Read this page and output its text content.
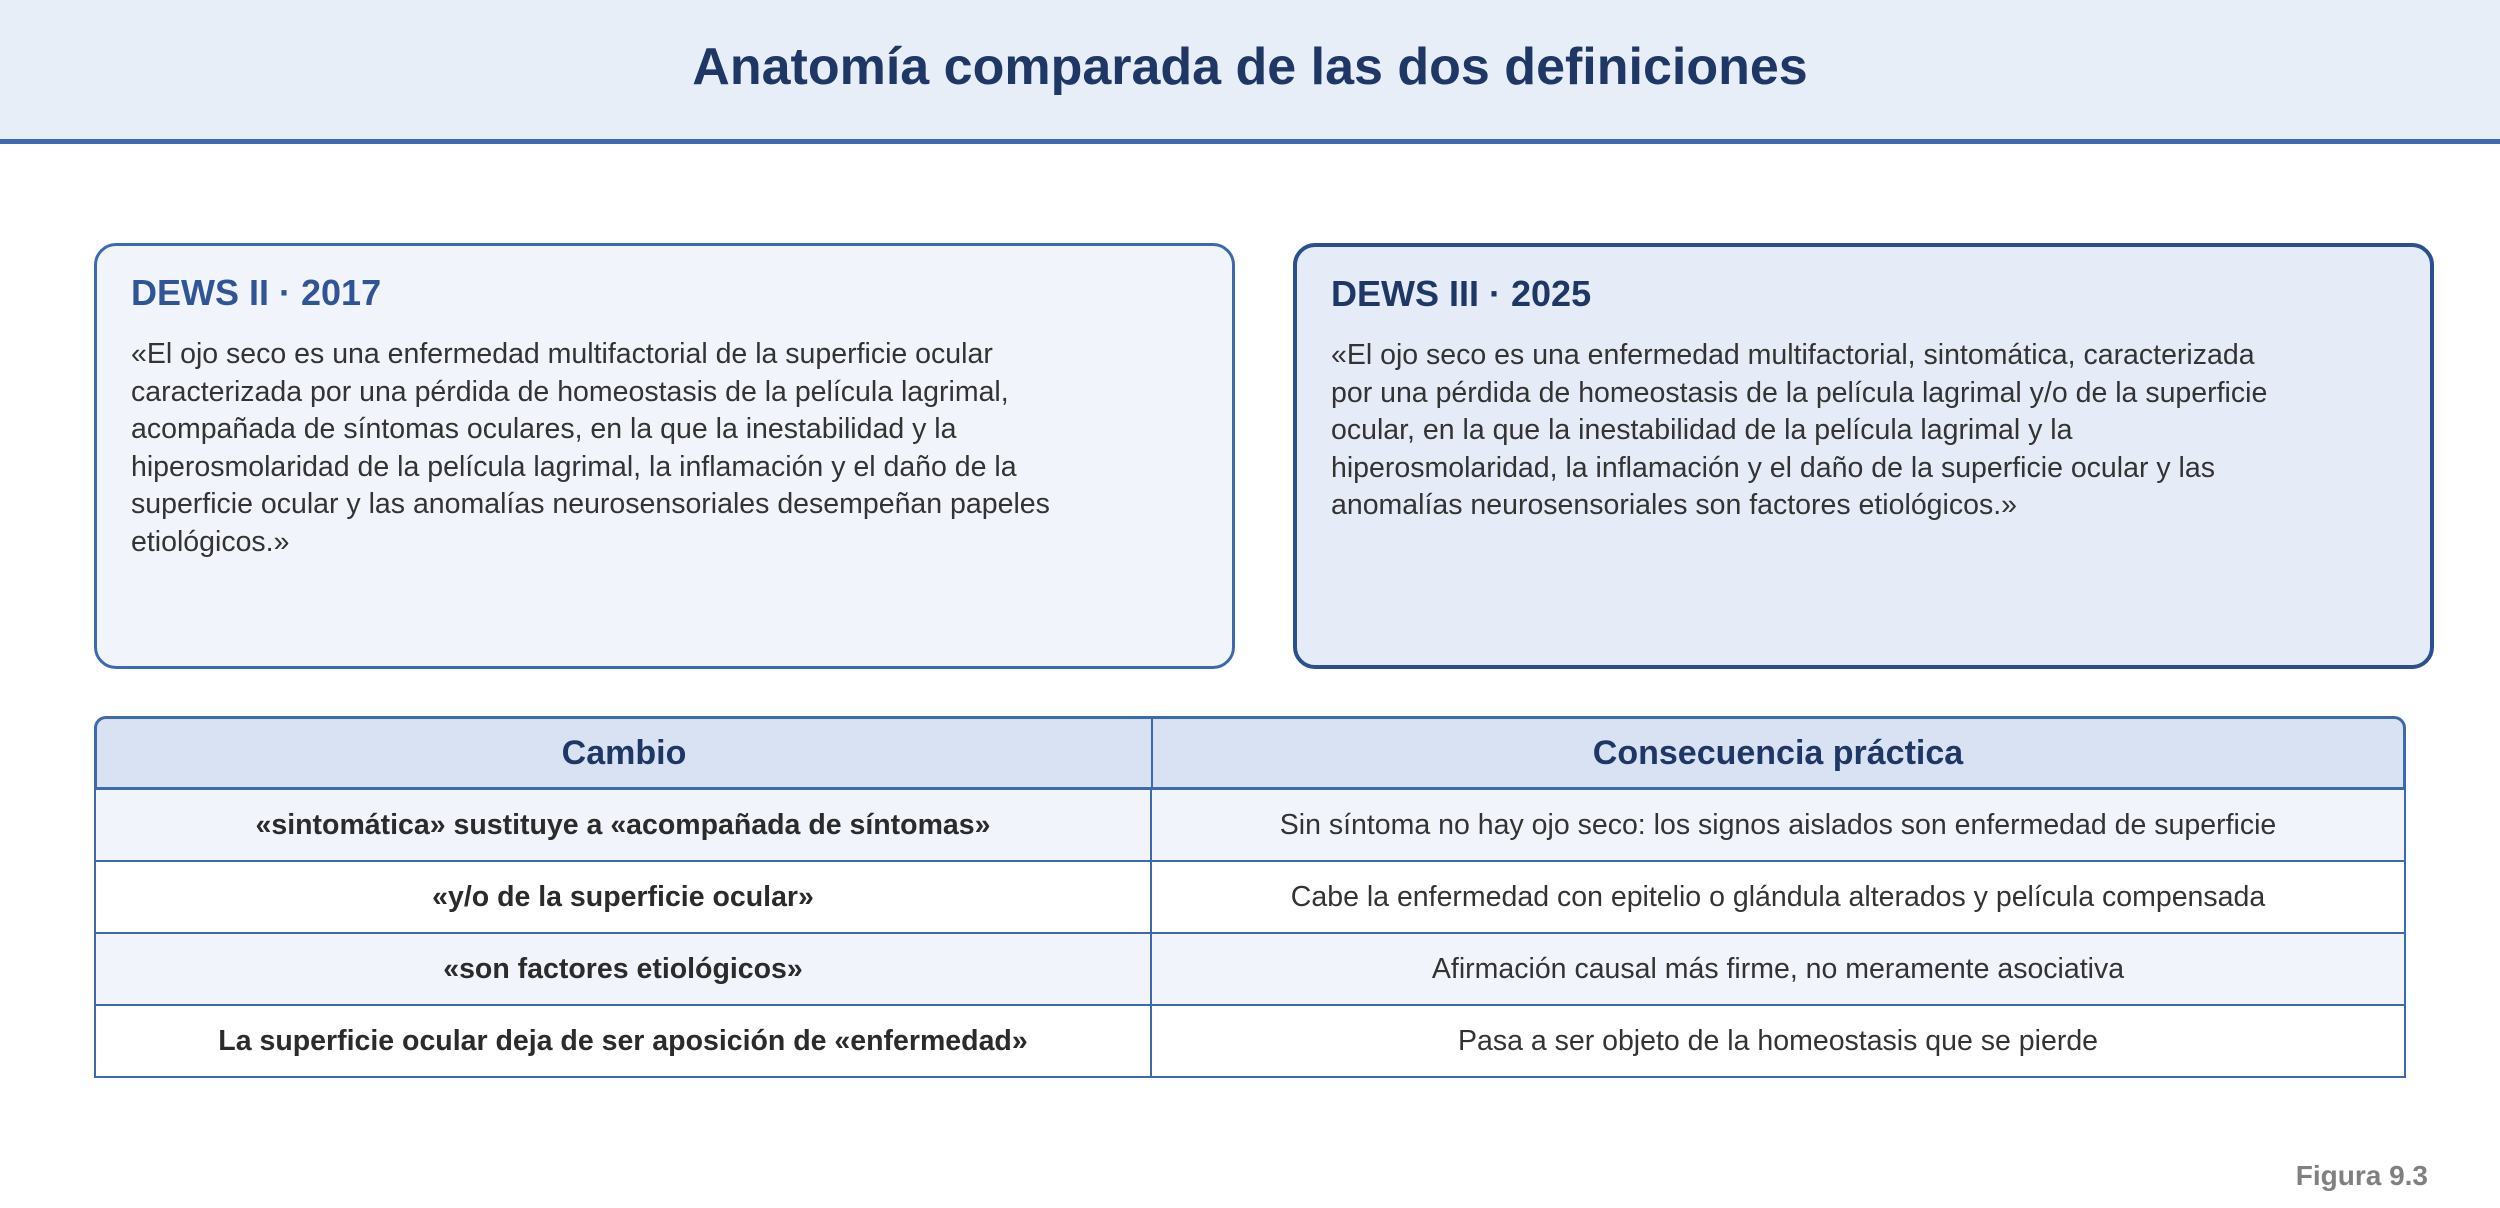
Anatomía comparada de las dos definiciones
DEWS II · 2017

«El ojo seco es una enfermedad multifactorial de la superficie ocular caracterizada por una pérdida de homeostasis de la película lagrimal, acompañada de síntomas oculares, en la que la inestabilidad y la hiperosmolaridad de la película lagrimal, la inflamación y el daño de la superficie ocular y las anomalías neurosensoriales desempeñan papeles etiológicos.»

DEWS III · 2025

«El ojo seco es una enfermedad multifactorial, sintomática, caracterizada por una pérdida de homeostasis de la película lagrimal y/o de la superficie ocular, en la que la inestabilidad de la película lagrimal y la hiperosmolaridad, la inflamación y el daño de la superficie ocular y las anomalías neurosensoriales son factores etiológicos.»

Cambio	Consecuencia práctica
«sintomática» sustituye a «acompañada de síntomas»	Sin síntoma no hay ojo seco: los signos aislados son enfermedad de superficie
«y/o de la superficie ocular»	Cabe la enfermedad con epitelio o glándula alterados y película compensada
«son factores etiológicos»	Afirmación causal más firme, no meramente asociativa
La superficie ocular deja de ser aposición de «enfermedad»	Pasa a ser objeto de la homeostasis que se pierde
Figura 9.3
